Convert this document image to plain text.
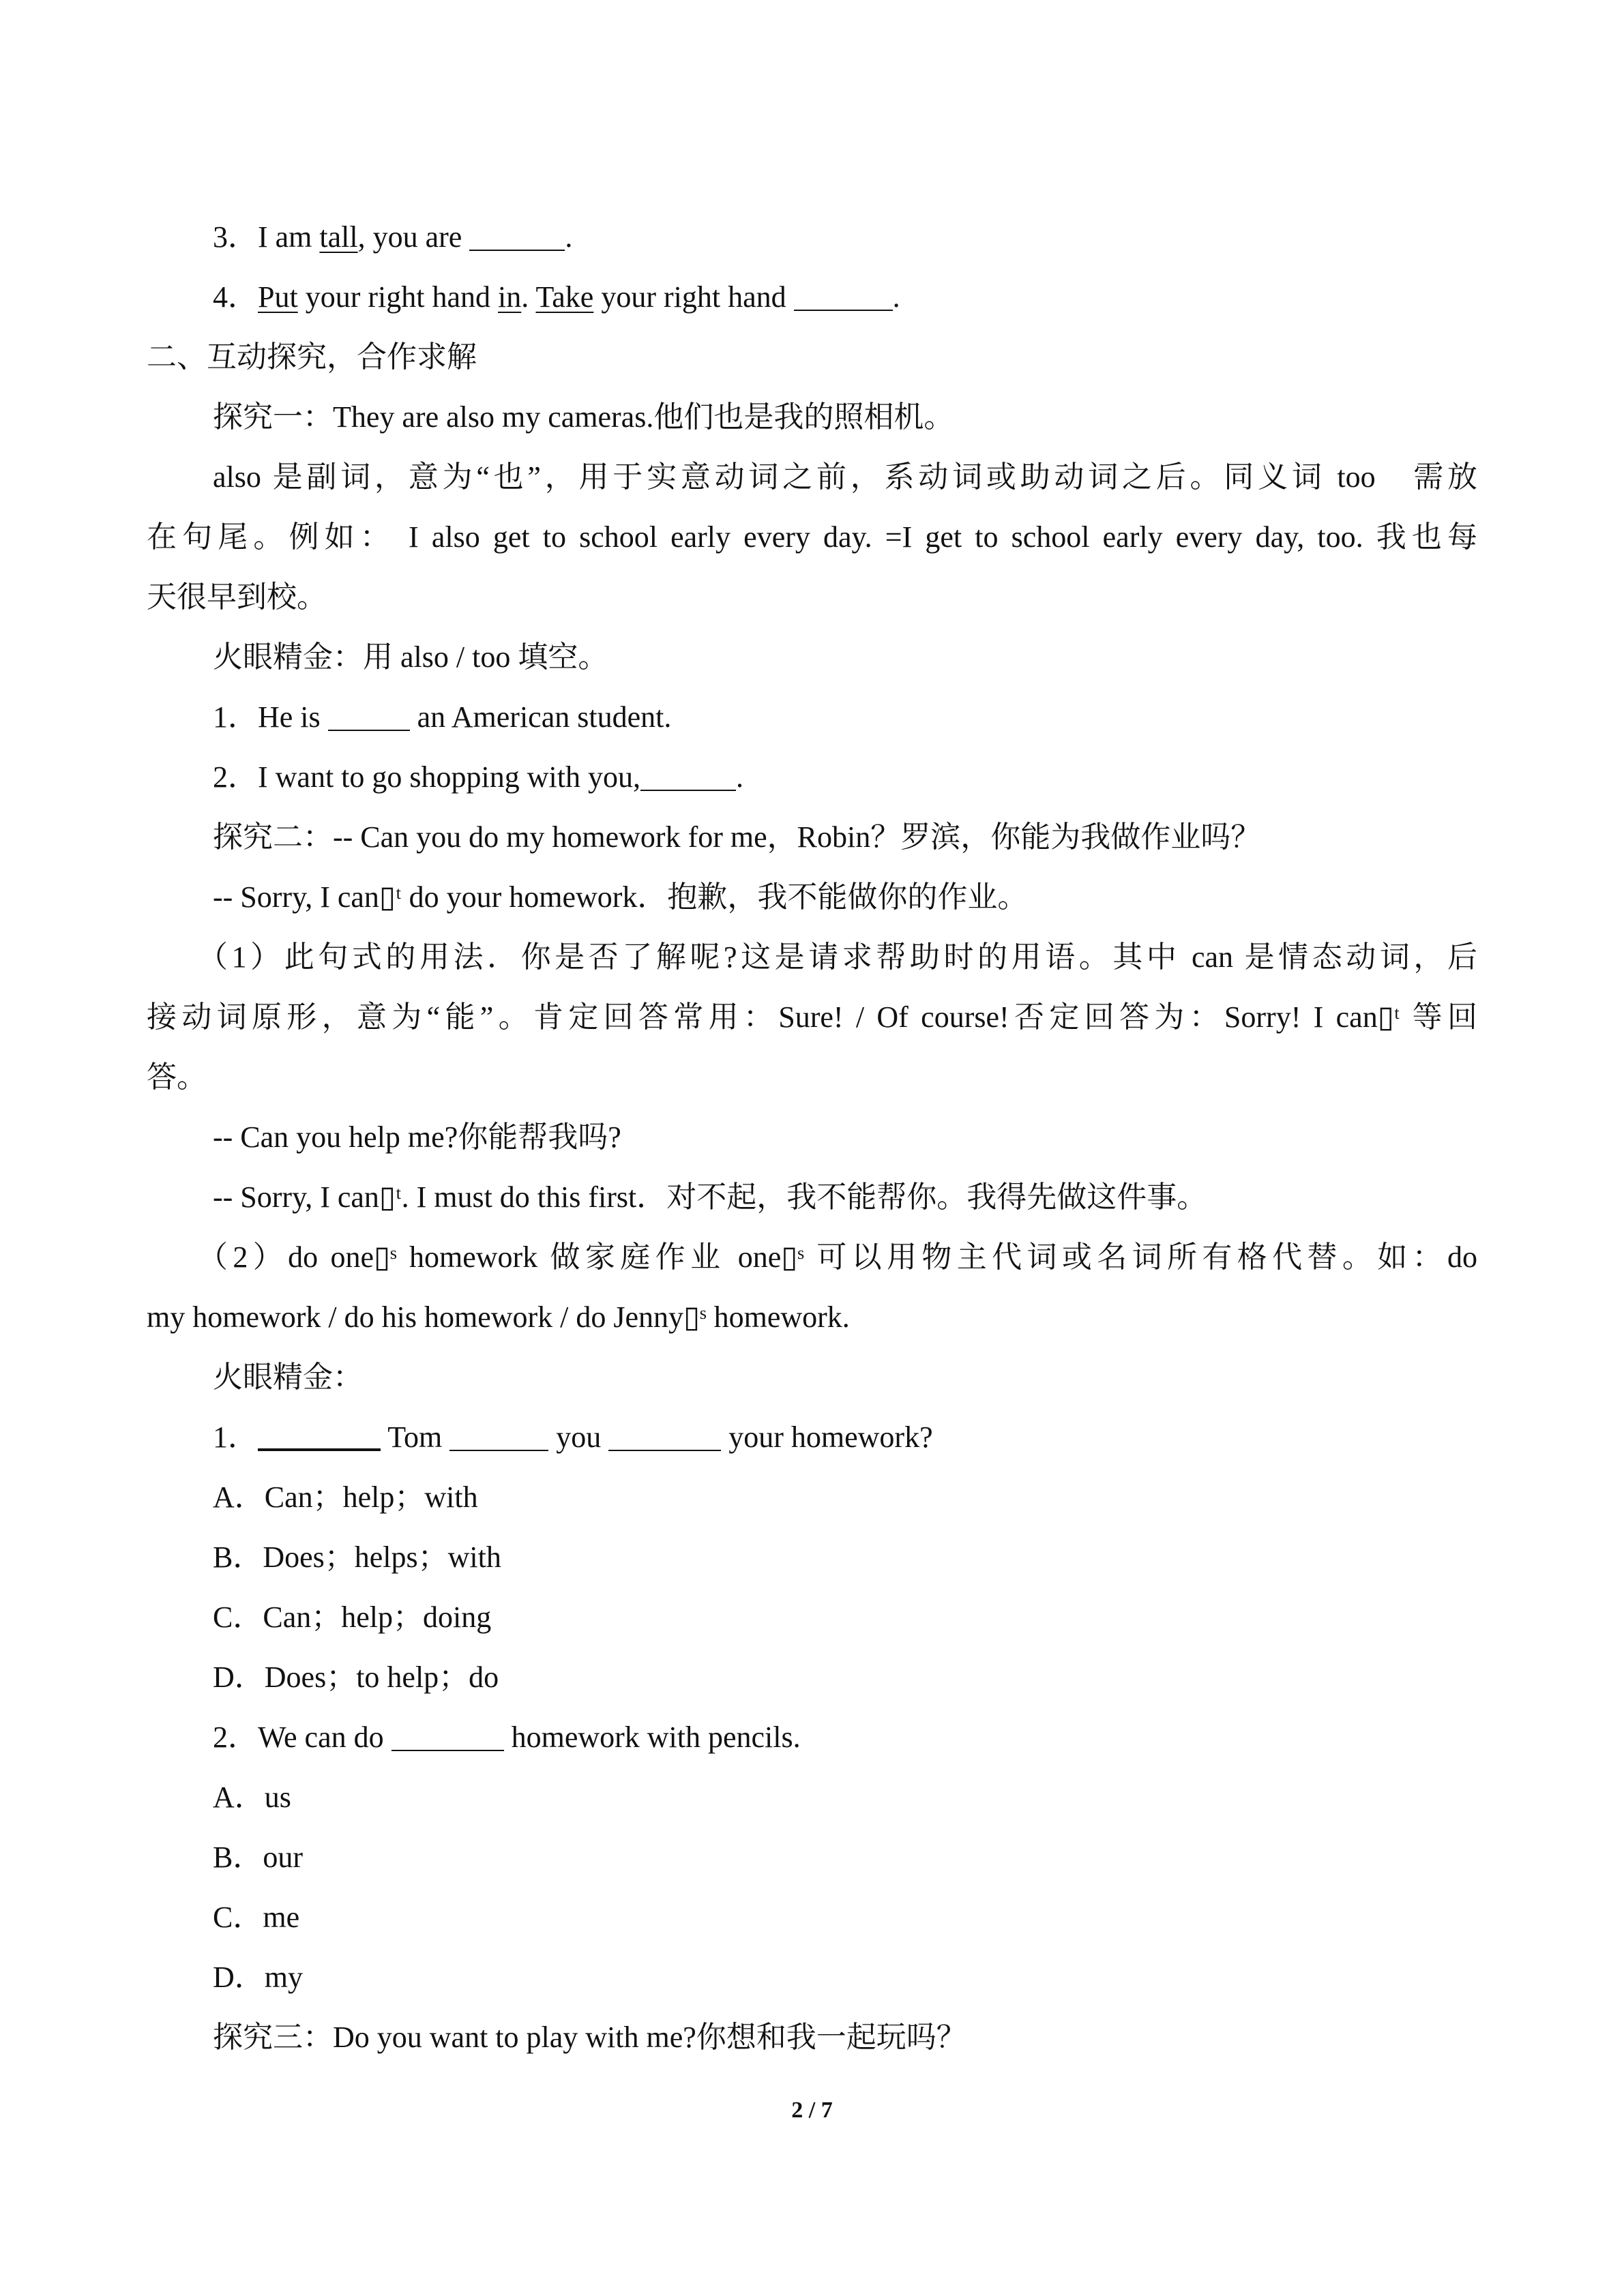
3．I am tall, you are	.
4．Put your right hand in. Take your right hand	.
二、互动探究，合作求解
探究一：They are also my cameras.他们也是我的照相机。
also 是副词，意为“也”，用于实意动词之前，系动词或助动词之后。同义词 too　需放
在句尾。例如： I also get to school early every day. =I get to school early every day, too. 我也每
天很早到校。
火眼精金：用 also / too 填空。
1．He is	an American student.
2．I want to go shopping with you,	.
探究二：-- Can you do my homework for me，Robin？罗滨，你能为我做作业吗？
-- Sorry, I can▯ᵗ do your homework．抱歉，我不能做你的作业。
（1）此句式的用法．你是否了解呢?这是请求帮助时的用语。其中 can 是情态动词，后
接动词原形，意为“能”。肯定回答常用：Sure! / Of course!否定回答为：Sorry! I can▯ᵗ 等回
答。
-- Can you help me?你能帮我吗?
-- Sorry, I can▯ᵗ. I must do this first．对不起，我不能帮你。我得先做这件事。
（2）do one▯ˢ homework 做家庭作业 one▯ˢ 可以用物主代词或名词所有格代替。如：do
my homework / do his homework / do Jenny▯ˢ homework.
火眼精金：
1．	Tom	you	your homework?
A．Can；help；with
B．Does；helps；with
C．Can；help；doing
D．Does；to help；do
2．We can do	homework with pencils.
A．us
B．our
C．me
D．my
探究三：Do you want to play with me?你想和我一起玩吗？
2 / 7
